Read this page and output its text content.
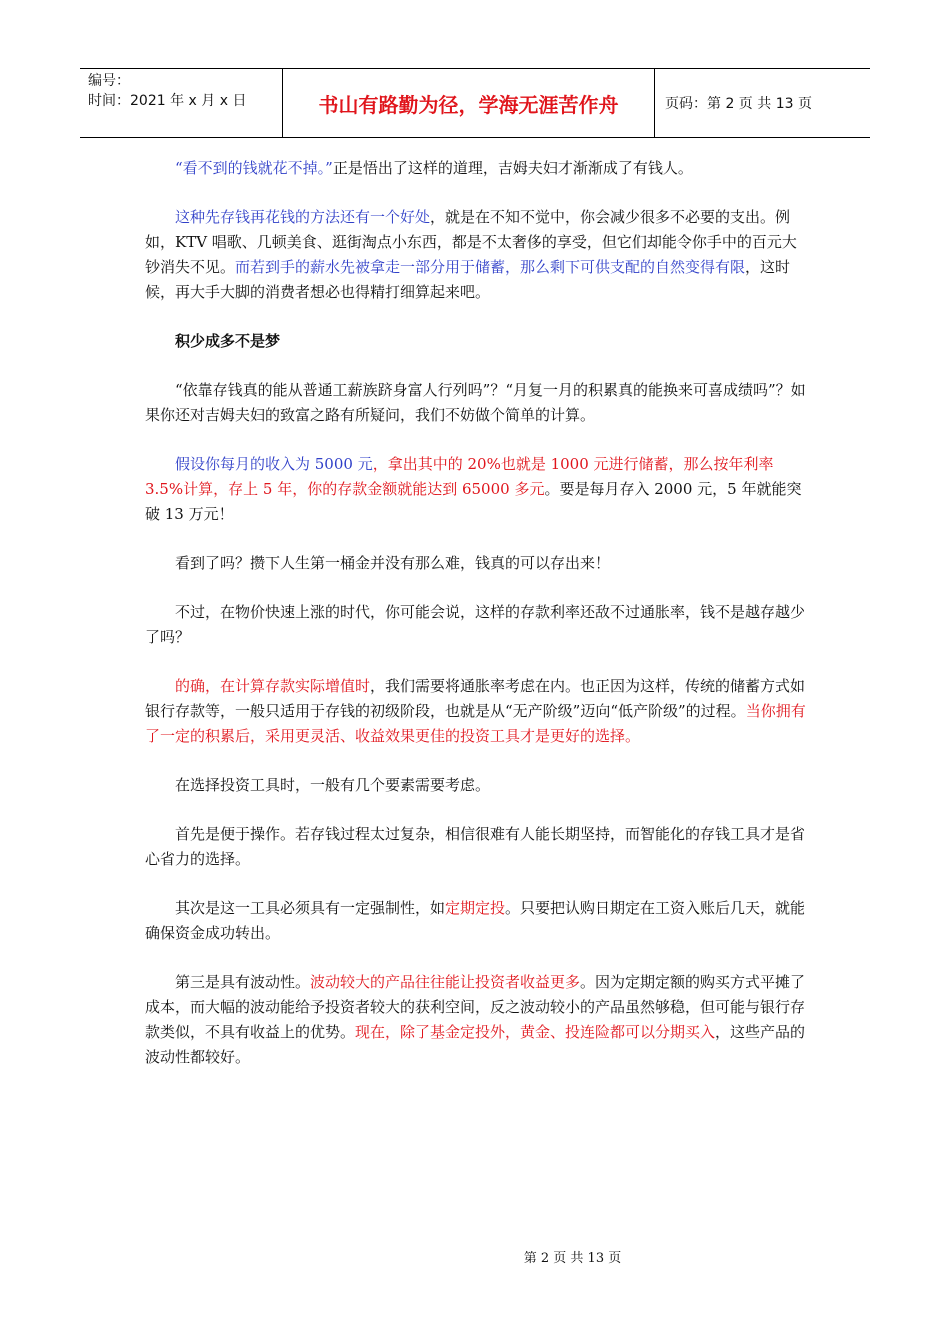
编号：
时间：2021 年 x 月 x 日	书山有路勤为径，学海无涯苦作舟	页码：第 2 页 共 13 页

“看不到的钱就花不掉。”正是悟出了这样的道理，吉姆夫妇才渐渐成了有钱人。

这种先存钱再花钱的方法还有一个好处，就是在不知不觉中，你会减少很多不必要的支出。例如，KTV 唱歌、几顿美食、逛街淘点小东西，都是不太奢侈的享受，但它们却能令你手中的百元大钞消失不见。而若到手的薪水先被拿走一部分用于储蓄，那么剩下可供支配的自然变得有限，这时候，再大手大脚的消费者想必也得精打细算起来吧。

积少成多不是梦

“依靠存钱真的能从普通工薪族跻身富人行列吗”？“月复一月的积累真的能换来可喜成绩吗”？如果你还对吉姆夫妇的致富之路有所疑问，我们不妨做个简单的计算。

假设你每月的收入为 5000 元，拿出其中的 20%也就是 1000 元进行储蓄，那么按年利率 3.5%计算，存上 5 年，你的存款金额就能达到 65000 多元。要是每月存入 2000 元，5 年就能突破 13 万元！

看到了吗？攒下人生第一桶金并没有那么难，钱真的可以存出来！

不过，在物价快速上涨的时代，你可能会说，这样的存款利率还敌不过通胀率，钱不是越存越少了吗？

的确，在计算存款实际增值时，我们需要将通胀率考虑在内。也正因为这样，传统的储蓄方式如银行存款等，一般只适用于存钱的初级阶段，也就是从“无产阶级”迈向“低产阶级”的过程。当你拥有了一定的积累后，采用更灵活、收益效果更佳的投资工具才是更好的选择。

在选择投资工具时，一般有几个要素需要考虑。

首先是便于操作。若存钱过程太过复杂，相信很难有人能长期坚持，而智能化的存钱工具才是省心省力的选择。

其次是这一工具必须具有一定强制性，如定期定投。只要把认购日期定在工资入账后几天，就能确保资金成功转出。

第三是具有波动性。波动较大的产品往往能让投资者收益更多。因为定期定额的购买方式平摊了成本，而大幅的波动能给予投资者较大的获利空间，反之波动较小的产品虽然够稳，但可能与银行存款类似，不具有收益上的优势。现在，除了基金定投外，黄金、投连险都可以分期买入，这些产品的波动性都较好。

第 2 页 共 13 页
